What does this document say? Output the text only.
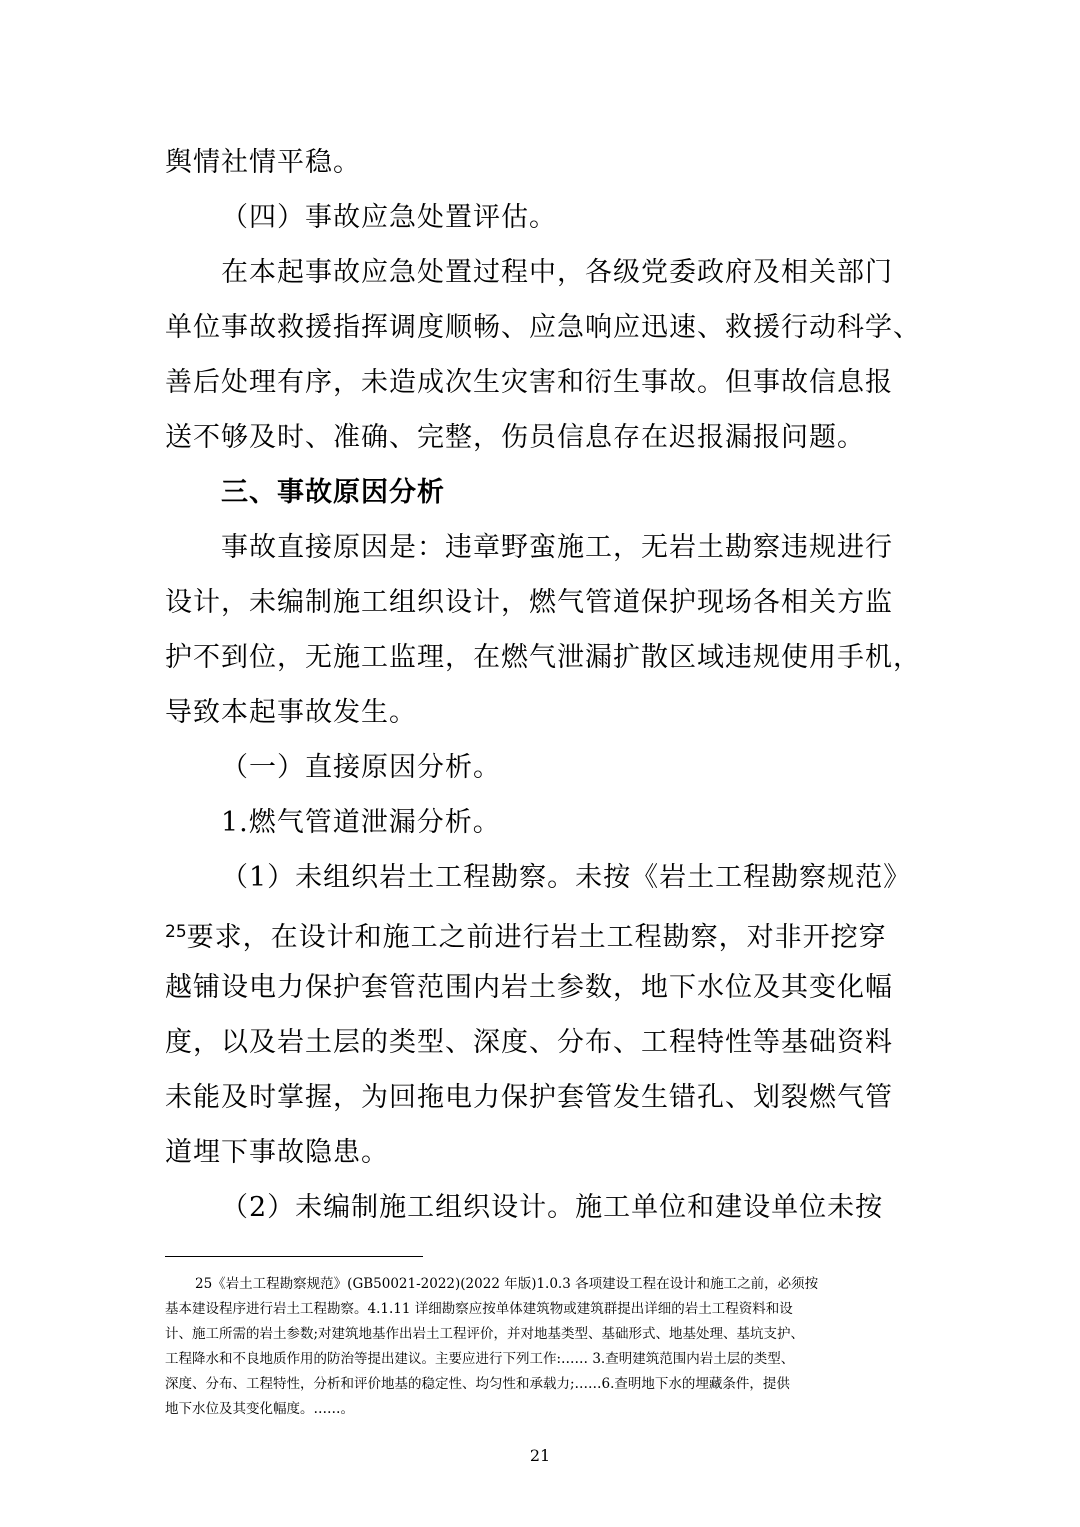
舆情社情平稳。
（四）事故应急处置评估。
在本起事故应急处置过程中，各级党委政府及相关部门
单位事故救援指挥调度顺畅、应急响应迅速、救援行动科学、
善后处理有序，未造成次生灾害和衍生事故。但事故信息报
送不够及时、准确、完整，伤员信息存在迟报漏报问题。
三、事故原因分析
事故直接原因是：违章野蛮施工，无岩土勘察违规进行
设计，未编制施工组织设计，燃气管道保护现场各相关方监
护不到位，无施工监理，在燃气泄漏扩散区域违规使用手机，
导致本起事故发生。
（一）直接原因分析。
1.燃气管道泄漏分析。
（1）未组织岩土工程勘察。未按《岩土工程勘察规范》
$^{25}$要求，在设计和施工之前进行岩土工程勘察，对非开挖穿
越铺设电力保护套管范围内岩土参数，地下水位及其变化幅
度，以及岩土层的类型、深度、分布、工程特性等基础资料
未能及时掌握，为回拖电力保护套管发生错孔、划裂燃气管
道埋下事故隐患。
（2）未编制施工组织设计。施工单位和建设单位未按
25《岩土工程勘察规范》(GB50021-2022)(2022 年版)1.0.3 各项建设工程在设计和施工之前，必须按
基本建设程序进行岩土工程勘察。4.1.11 详细勘察应按单体建筑物或建筑群提出详细的岩土工程资料和设
计、施工所需的岩土参数;对建筑地基作出岩土工程评价，并对地基类型、基础形式、地基处理、基坑支护、
工程降水和不良地质作用的防治等提出建议。主要应进行下列工作:…… 3.查明建筑范围内岩土层的类型、
深度、分布、工程特性，分析和评价地基的稳定性、均匀性和承载力;……6.查明地下水的埋藏条件，提供
地下水位及其变化幅度。……。
21
